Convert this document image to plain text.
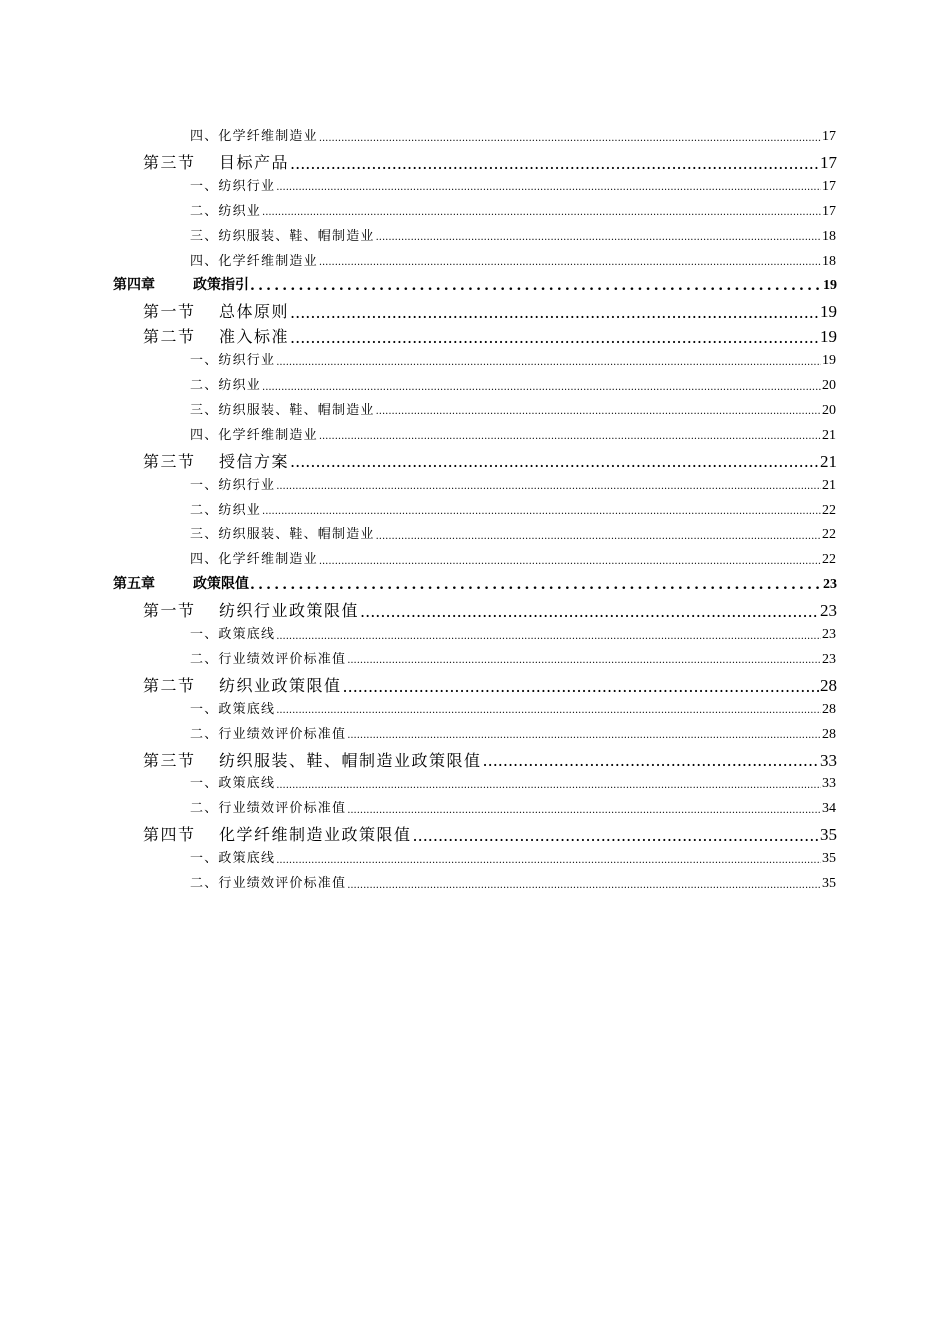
四、化学纤维制造业 .....	17
第三节 目标产品 .....	17
一、纺织行业 .....	17
二、纺织业 .....	17
三、纺织服装、鞋、帽制造业 .....	18
四、化学纤维制造业 .....	18
第四章	政策指引 .....	19
第一节 总体原则 .....	19
第二节 准入标准 .....	19
一、纺织行业 .....	19
二、纺织业 .....	20
三、纺织服装、鞋、帽制造业 .....	20
四、化学纤维制造业 .....	21
第三节 授信方案 .....	21
一、纺织行业 .....	21
二、纺织业 .....	22
三、纺织服装、鞋、帽制造业 .....	22
四、化学纤维制造业 .....	22
第五章	政策限值 .....	23
第一节 纺织行业政策限值 .....	23
一、政策底线 .....	23
二、行业绩效评价标准值 .....	23
第二节 纺织业政策限值 .....	28
一、政策底线 .....	28
二、行业绩效评价标准值 .....	28
第三节 纺织服装、鞋、帽制造业政策限值 .....	33
一、政策底线 .....	33
二、行业绩效评价标准值 .....	34
第四节 化学纤维制造业政策限值 .....	35
一、政策底线 .....	35
二、行业绩效评价标准值 .....	35
